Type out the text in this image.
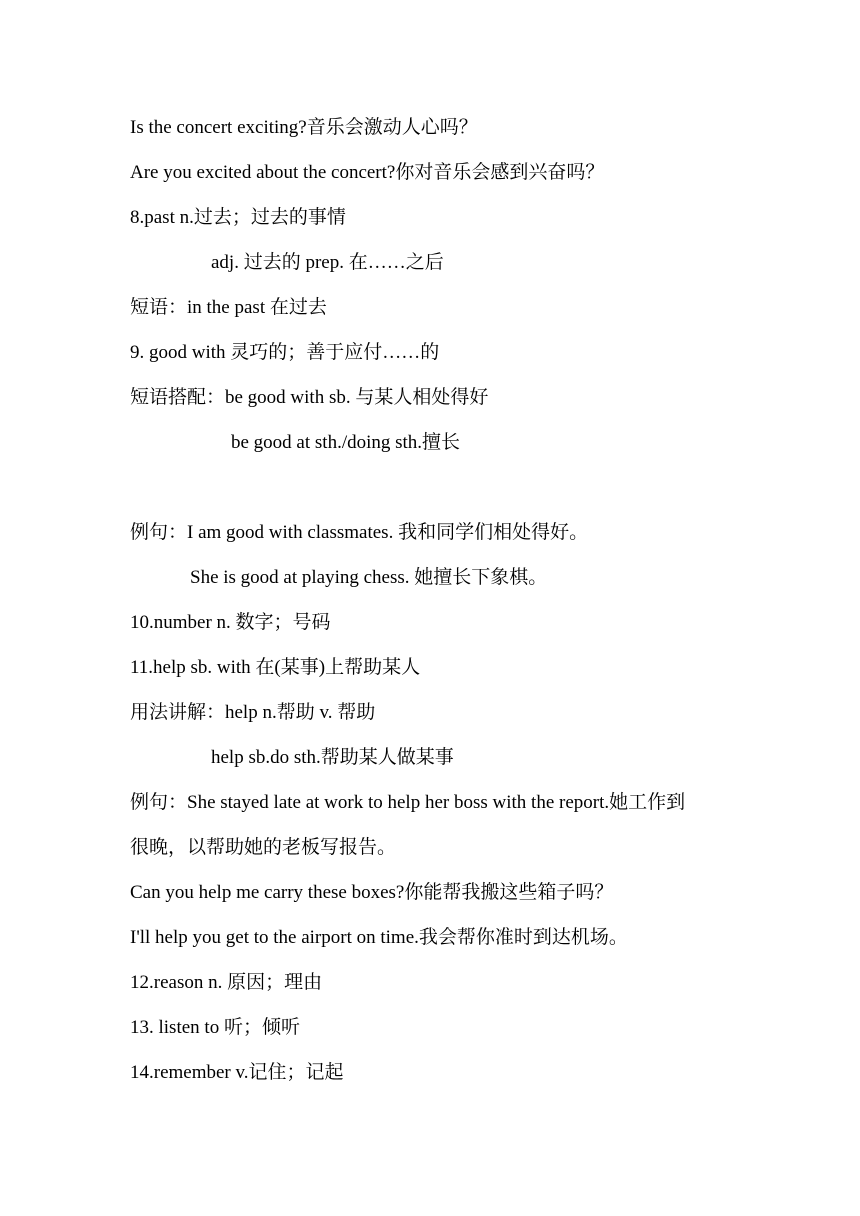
Is the concert exciting?音乐会激动人心吗？
Are you excited about the concert?你对音乐会感到兴奋吗？
8.past n.过去；过去的事情
adj. 过去的 prep. 在……之后
短语：in the past 在过去
9. good with 灵巧的；善于应付……的
短语搭配：be good with sb. 与某人相处得好
be good at sth./doing sth.擅长
例句：I am good with classmates. 我和同学们相处得好。
She is good at playing chess. 她擅长下象棋。
10.number n. 数字；号码
11.help sb. with 在(某事)上帮助某人
用法讲解：help n.帮助 v. 帮助
help sb.do sth.帮助某人做某事
例句：She stayed late at work to help her boss with the report.她工作到
很晚，以帮助她的老板写报告。
Can you help me carry these boxes?你能帮我搬这些箱子吗？
I'll help you get to the airport on time.我会帮你准时到达机场。
12.reason n. 原因；理由
13. listen to 听；倾听
14.remember v.记住；记起
